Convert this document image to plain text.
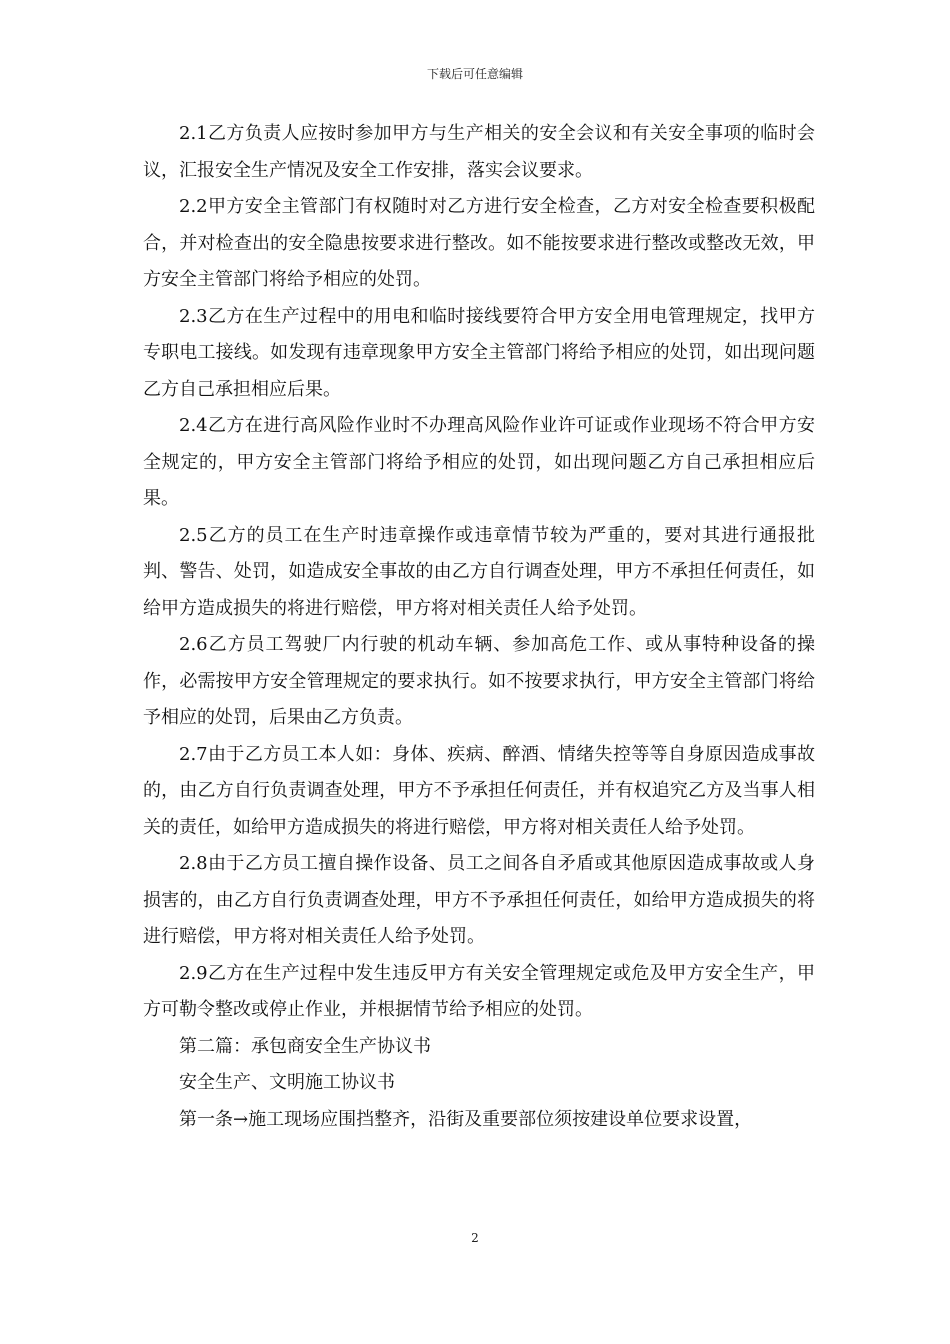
下载后可任意编辑

2.1乙方负责人应按时参加甲方与生产相关的安全会议和有关安全事项的临时会议，汇报安全生产情况及安全工作安排，落实会议要求。

2.2甲方安全主管部门有权随时对乙方进行安全检查，乙方对安全检查要积极配合，并对检查出的安全隐患按要求进行整改。如不能按要求进行整改或整改无效，甲方安全主管部门将给予相应的处罚。

2.3乙方在生产过程中的用电和临时接线要符合甲方安全用电管理规定，找甲方专职电工接线。如发现有违章现象甲方安全主管部门将给予相应的处罚，如出现问题乙方自己承担相应后果。

2.4乙方在进行高风险作业时不办理高风险作业许可证或作业现场不符合甲方安全规定的，甲方安全主管部门将给予相应的处罚，如出现问题乙方自己承担相应后果。

2.5乙方的员工在生产时违章操作或违章情节较为严重的，要对其进行通报批判、警告、处罚，如造成安全事故的由乙方自行调查处理，甲方不承担任何责任，如给甲方造成损失的将进行赔偿，甲方将对相关责任人给予处罚。

2.6乙方员工驾驶厂内行驶的机动车辆、参加高危工作、或从事特种设备的操作，必需按甲方安全管理规定的要求执行。如不按要求执行，甲方安全主管部门将给予相应的处罚，后果由乙方负责。

2.7由于乙方员工本人如：身体、疾病、醉酒、情绪失控等等自身原因造成事故的，由乙方自行负责调查处理，甲方不予承担任何责任，并有权追究乙方及当事人相关的责任，如给甲方造成损失的将进行赔偿，甲方将对相关责任人给予处罚。

2.8由于乙方员工擅自操作设备、员工之间各自矛盾或其他原因造成事故或人身损害的，由乙方自行负责调查处理，甲方不予承担任何责任，如给甲方造成损失的将进行赔偿，甲方将对相关责任人给予处罚。

2.9乙方在生产过程中发生违反甲方有关安全管理规定或危及甲方安全生产，甲方可勒令整改或停止作业，并根据情节给予相应的处罚。

第二篇：承包商安全生产协议书

安全生产、文明施工协议书

第一条→施工现场应围挡整齐，沿街及重要部位须按建设单位要求设置，

2
